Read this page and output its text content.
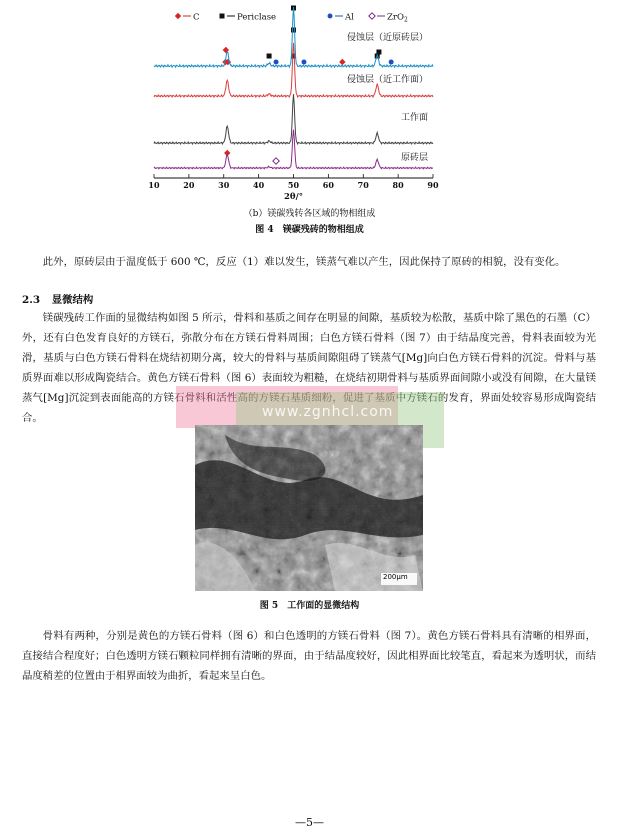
C	Periclase	Al	ZrO$_2$
侵蚀层（近原砖层）
侵蚀层（近工作面）
工作面
原砖层
10	20	30	40	50	60	70	80	90
2θ/°
（b）镁碳残转各区域的物相组成
图 4　镁碳残砖的物相组成

此外，原砖层由于温度低于 600 ℃，反应（1）难以发生，镁蒸气难以产生，因此保持了原砖的相貌，没有变化。

2.3 显微结构

镁碳残砖工作面的显微结构如图 5 所示，骨料和基质之间存在明显的间隙，基质较为松散，基质中除了黑色的石墨（C）外，还有白色发育良好的方镁石，弥散分布在方镁石骨料周围；白色方镁石骨料（图 7）由于结晶度完善，骨料表面较为光滑，基质与白色方镁石骨料在烧结初期分离，较大的骨料与基质间隙阻碍了镁蒸气[Mg]向白色方镁石骨料的沉淀。骨料与基质界面难以形成陶瓷结合。黄色方镁石骨料（图 6）表面较为粗糙，在烧结初期骨料与基质界面间隙小或没有间隙，在大量镁蒸气[Mg]沉淀到表面能高的方镁石骨料和活性高的方镁石基质细粉，促进了基质中方镁石的发育，界面处较容易形成陶瓷结合。	www.zgnhcl.com
200μm
图 5　工作面的显微结构

骨料有两种，分别是黄色的方镁石骨料（图 6）和白色透明的方镁石骨料（图 7）。黄色方镁石骨料具有清晰的相界面，直接结合程度好；白色透明方镁石颗粒同样拥有清晰的界面，由于结晶度较好，因此相界面比较笔直，看起来为透明状，而结晶度稍差的位置由于相界面较为曲折，看起来呈白色。

—5—
